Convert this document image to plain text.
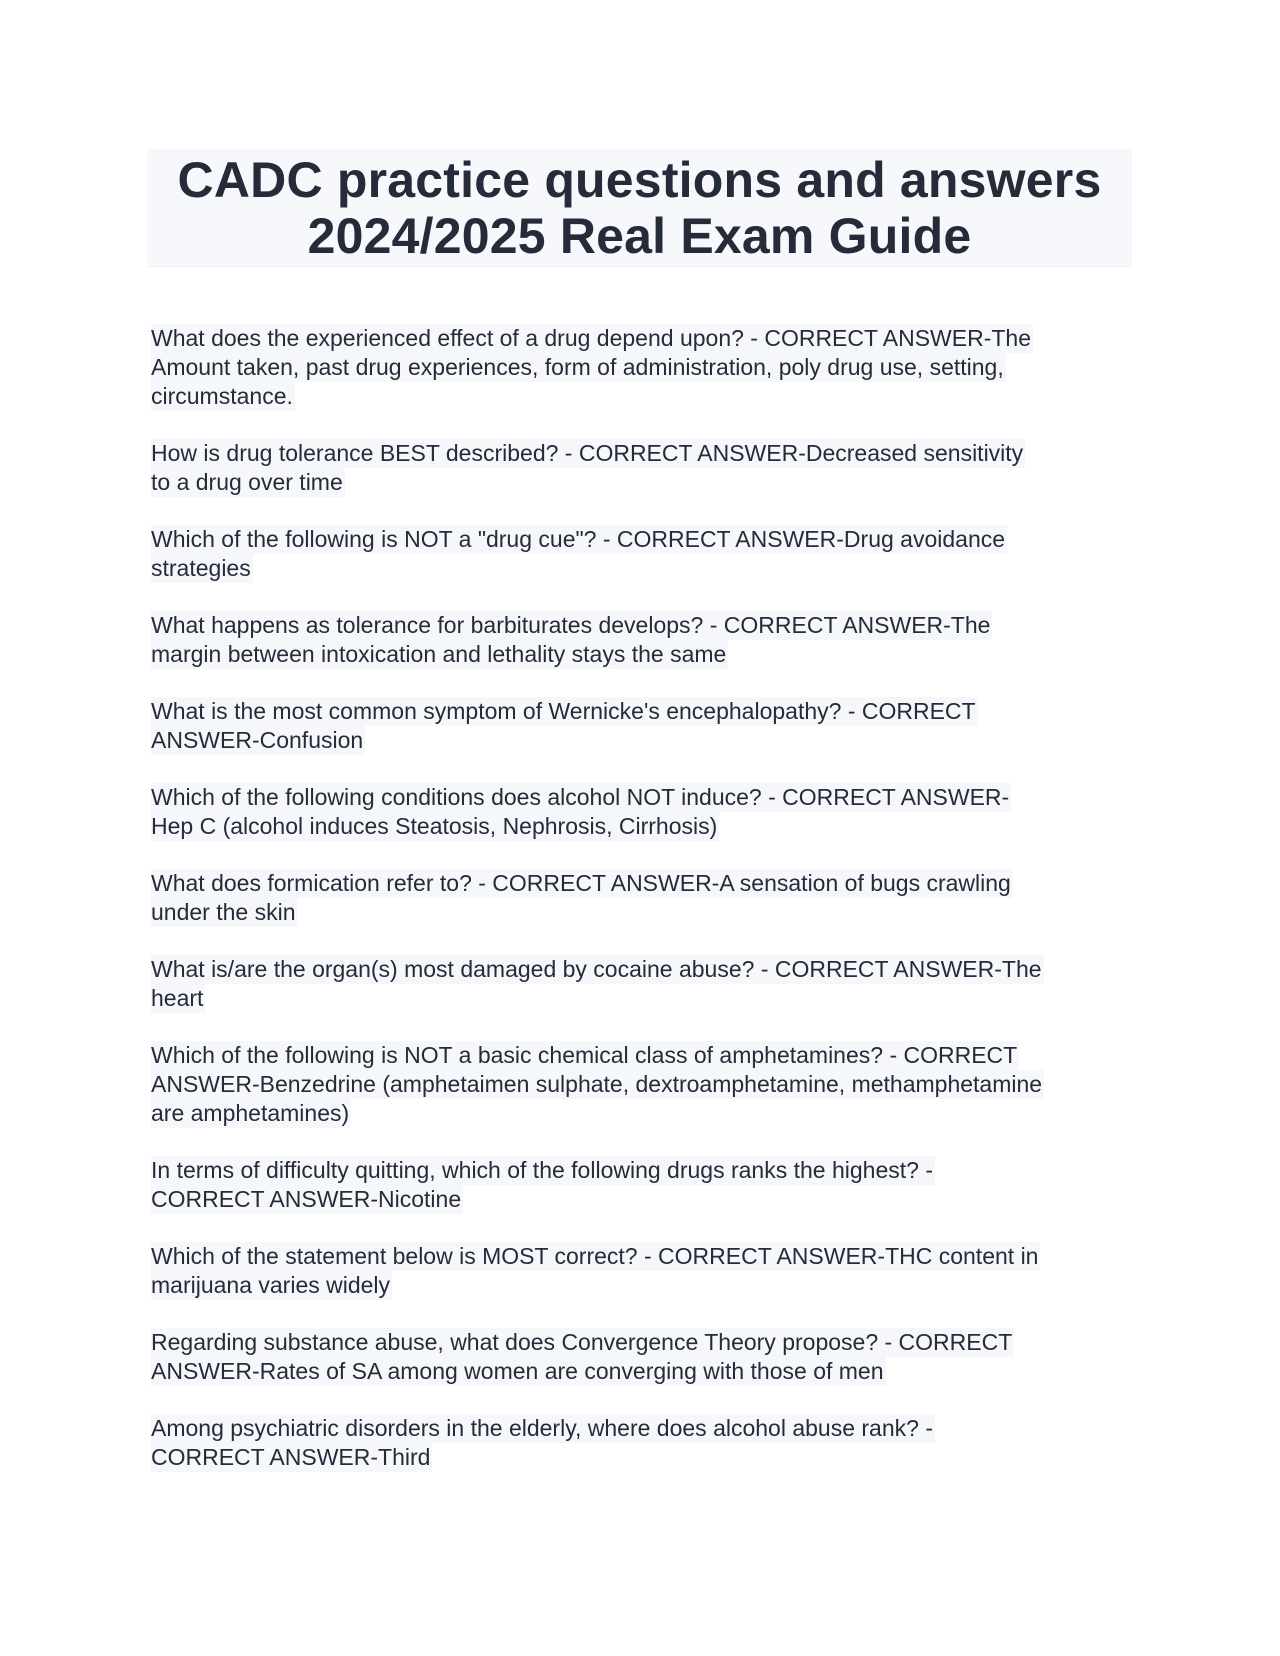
CADC practice questions and answers
2024/2025 Real Exam Guide

What does the experienced effect of a drug depend upon? - CORRECT ANSWER-The
Amount taken, past drug experiences, form of administration, poly drug use, setting,
circumstance.

How is drug tolerance BEST described? - CORRECT ANSWER-Decreased sensitivity
to a drug over time

Which of the following is NOT a "drug cue"? - CORRECT ANSWER-Drug avoidance
strategies

What happens as tolerance for barbiturates develops? - CORRECT ANSWER-The
margin between intoxication and lethality stays the same

What is the most common symptom of Wernicke's encephalopathy? - CORRECT
ANSWER-Confusion

Which of the following conditions does alcohol NOT induce? - CORRECT ANSWER-
Hep C (alcohol induces Steatosis, Nephrosis, Cirrhosis)

What does formication refer to? - CORRECT ANSWER-A sensation of bugs crawling
under the skin

What is/are the organ(s) most damaged by cocaine abuse? - CORRECT ANSWER-The
heart

Which of the following is NOT a basic chemical class of amphetamines? - CORRECT
ANSWER-Benzedrine (amphetaimen sulphate, dextroamphetamine, methamphetamine
are amphetamines)

In terms of difficulty quitting, which of the following drugs ranks the highest? -
CORRECT ANSWER-Nicotine

Which of the statement below is MOST correct? - CORRECT ANSWER-THC content in
marijuana varies widely

Regarding substance abuse, what does Convergence Theory propose? - CORRECT
ANSWER-Rates of SA among women are converging with those of men

Among psychiatric disorders in the elderly, where does alcohol abuse rank? -
CORRECT ANSWER-Third
